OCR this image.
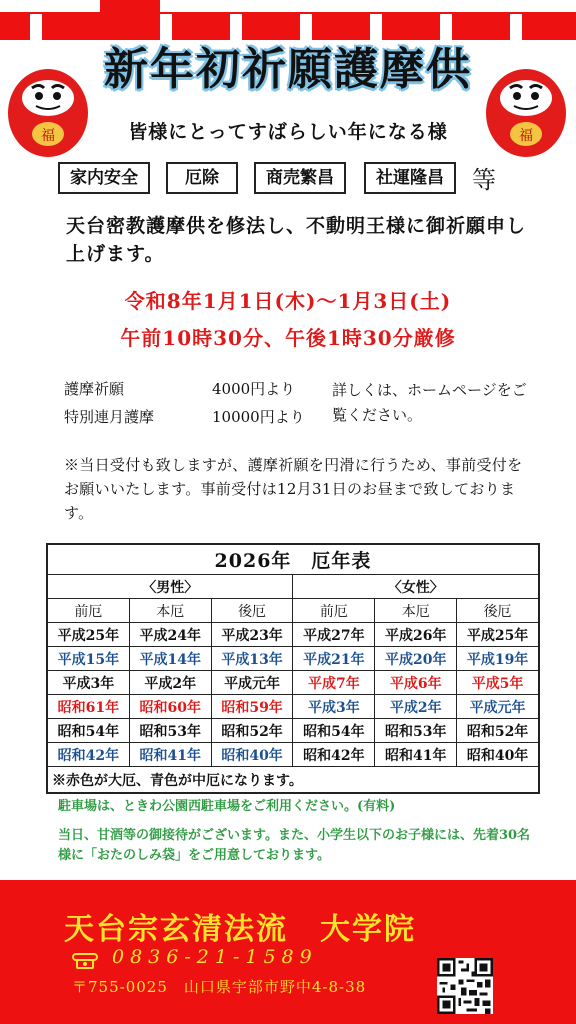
福	福
新年初祈願護摩供
皆様にとってすばらしい年になる様
家内安全	厄除	商売繁昌	社運隆昌	等
天台密教護摩供を修法し、不動明王様に御祈願申し上げます。
令和8年1月1日(木)～1月3日(土)
午前10時30分、午後1時30分厳修
護摩祈願	4000円より
特別連月護摩	10000円より
詳しくは、ホームページをご覧ください。
※当日受付も致しますが、護摩祈願を円滑に行うため、事前受付をお願いいたします。事前受付は12月31日のお昼まで致しております。
2026年　厄年表					
〈男性〉			〈女性〉		
前厄	本厄	後厄	前厄	本厄	後厄
平成25年	平成24年	平成23年	平成27年	平成26年	平成25年
平成15年	平成14年	平成13年	平成21年	平成20年	平成19年
平成3年	平成2年	平成元年	平成7年	平成6年	平成5年
昭和61年	昭和60年	昭和59年	平成3年	平成2年	平成元年
昭和54年	昭和53年	昭和52年	昭和54年	昭和53年	昭和52年
昭和42年	昭和41年	昭和40年	昭和42年	昭和41年	昭和40年
※赤色が大厄、青色が中厄になります。					
駐車場は、ときわ公園西駐車場をご利用ください。(有料)
当日、甘酒等の御接待がございます。また、小学生以下のお子様には、先着30名様に「おたのしみ袋」をご用意しております。
天台宗玄清法流　大学院
0836-21-1589
〒755-0025　山口県宇部市野中4-8-38
